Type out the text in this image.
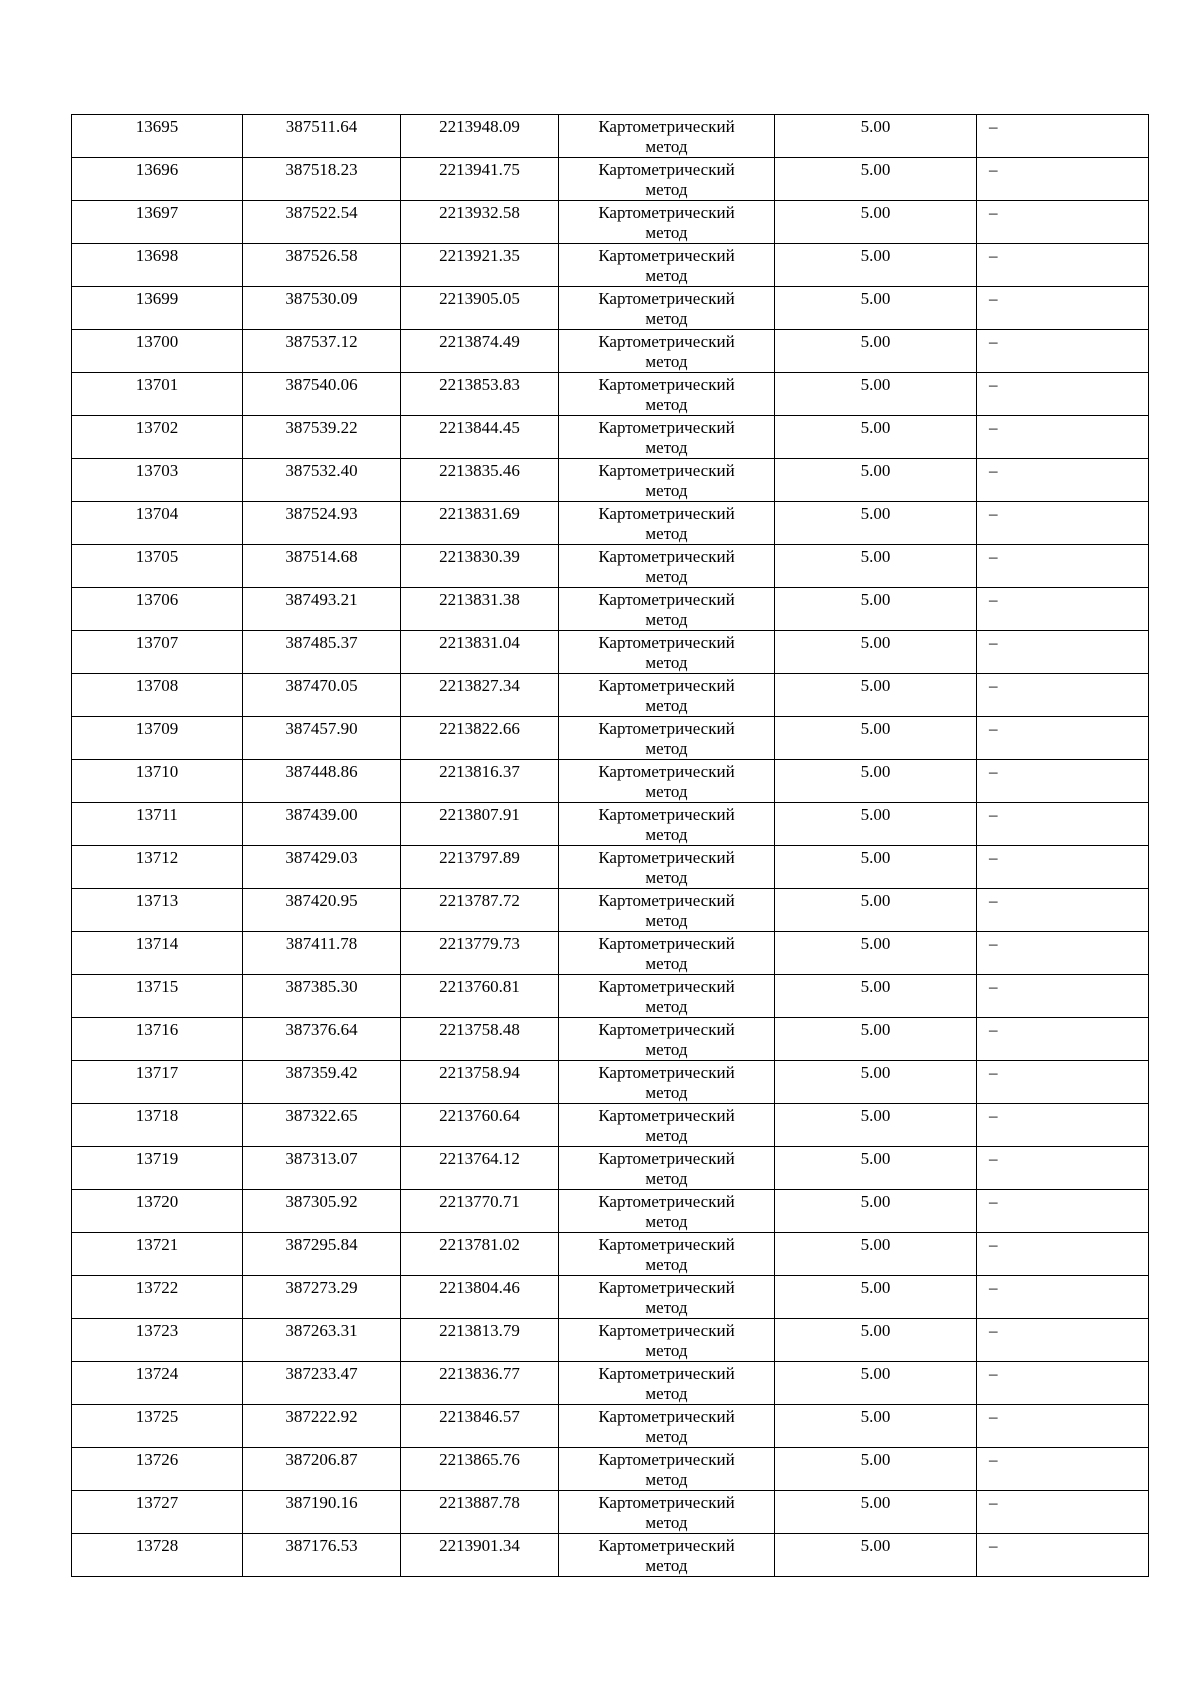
13695	387511.64	2213948.09	Картометрический
метод	5.00	–

13696	387518.23	2213941.75	Картометрический
метод	5.00	–

13697	387522.54	2213932.58	Картометрический
метод	5.00	–

13698	387526.58	2213921.35	Картометрический
метод	5.00	–

13699	387530.09	2213905.05	Картометрический
метод	5.00	–

13700	387537.12	2213874.49	Картометрический
метод	5.00	–

13701	387540.06	2213853.83	Картометрический
метод	5.00	–

13702	387539.22	2213844.45	Картометрический
метод	5.00	–

13703	387532.40	2213835.46	Картометрический
метод	5.00	–

13704	387524.93	2213831.69	Картометрический
метод	5.00	–

13705	387514.68	2213830.39	Картометрический
метод	5.00	–

13706	387493.21	2213831.38	Картометрический
метод	5.00	–

13707	387485.37	2213831.04	Картометрический
метод	5.00	–

13708	387470.05	2213827.34	Картометрический
метод	5.00	–

13709	387457.90	2213822.66	Картометрический
метод	5.00	–

13710	387448.86	2213816.37	Картометрический
метод	5.00	–

13711	387439.00	2213807.91	Картометрический
метод	5.00	–

13712	387429.03	2213797.89	Картометрический
метод	5.00	–

13713	387420.95	2213787.72	Картометрический
метод	5.00	–

13714	387411.78	2213779.73	Картометрический
метод	5.00	–

13715	387385.30	2213760.81	Картометрический
метод	5.00	–

13716	387376.64	2213758.48	Картометрический
метод	5.00	–

13717	387359.42	2213758.94	Картометрический
метод	5.00	–

13718	387322.65	2213760.64	Картометрический
метод	5.00	–

13719	387313.07	2213764.12	Картометрический
метод	5.00	–

13720	387305.92	2213770.71	Картометрический
метод	5.00	–

13721	387295.84	2213781.02	Картометрический
метод	5.00	–

13722	387273.29	2213804.46	Картометрический
метод	5.00	–

13723	387263.31	2213813.79	Картометрический
метод	5.00	–

13724	387233.47	2213836.77	Картометрический
метод	5.00	–

13725	387222.92	2213846.57	Картометрический
метод	5.00	–

13726	387206.87	2213865.76	Картометрический
метод	5.00	–

13727	387190.16	2213887.78	Картометрический
метод	5.00	–

13728	387176.53	2213901.34	Картометрический
метод	5.00	–
